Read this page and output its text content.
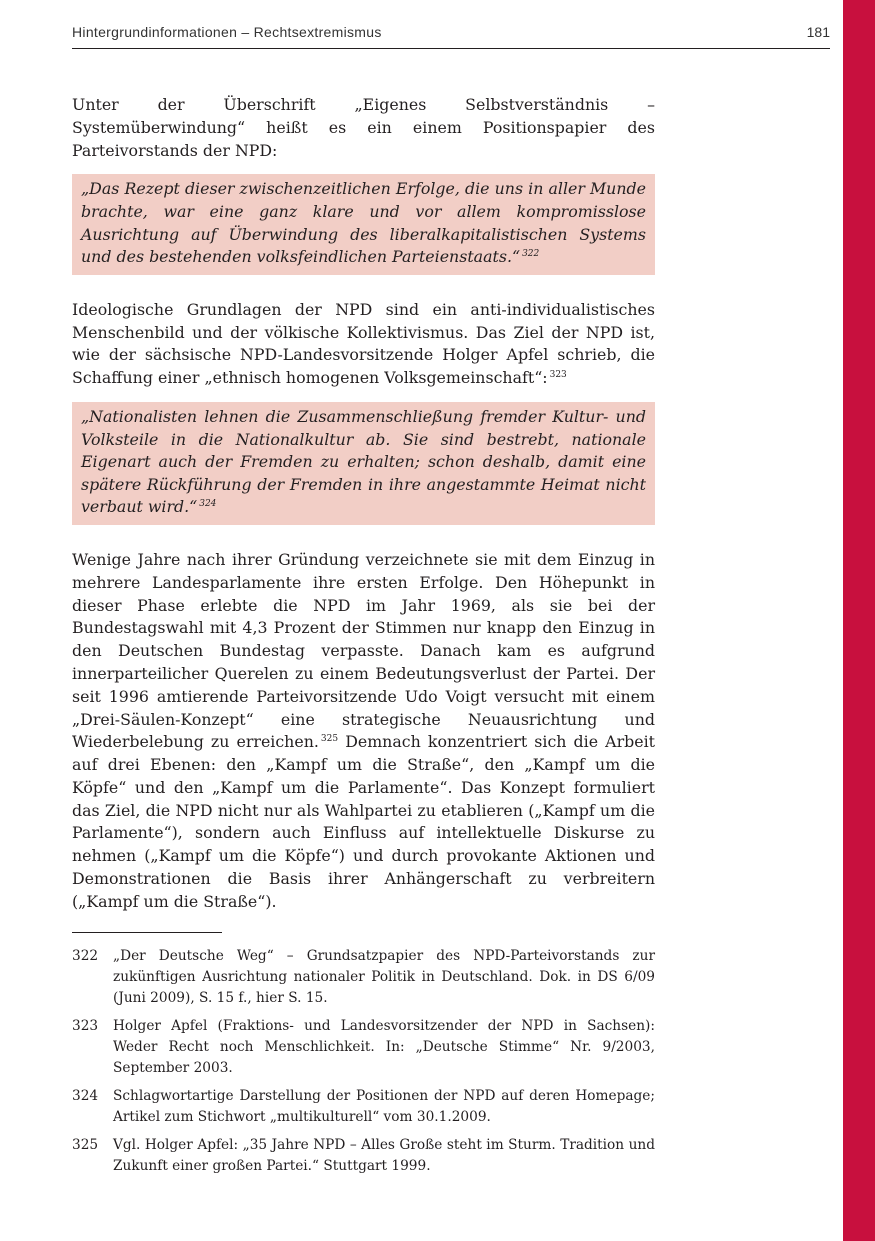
Hintergrundinformationen – Rechtsextremismus	181

Unter der Überschrift „Eigenes Selbstverständnis – Systemüberwindung“ heißt es ein einem Positionspapier des Parteivorstands der NPD:

„Das Rezept dieser zwischenzeitlichen Erfolge, die uns in aller Munde brachte, war eine ganz klare und vor allem kompromisslose Ausrichtung auf Überwindung des liberalkapitalistischen Systems und des bestehenden volksfeindlichen Parteienstaats.“ $^{322}$

Ideologische Grundlagen der NPD sind ein anti-individualistisches Menschenbild und der völkische Kollektivismus. Das Ziel der NPD ist, wie der sächsische NPD-Landesvorsitzende Holger Apfel schrieb, die Schaffung einer „ethnisch homogenen Volksgemeinschaft“: $^{323}$

„Nationalisten lehnen die Zusammenschließung fremder Kultur- und Volksteile in die Nationalkultur ab. Sie sind bestrebt, nationale Eigenart auch der Fremden zu erhalten; schon deshalb, damit eine spätere Rückführung der Fremden in ihre angestammte Heimat nicht verbaut wird.“ $^{324}$

Wenige Jahre nach ihrer Gründung verzeichnete sie mit dem Einzug in mehrere Landesparlamente ihre ersten Erfolge. Den Höhepunkt in dieser Phase erlebte die NPD im Jahr 1969, als sie bei der Bundestagswahl mit 4,3 Prozent der Stimmen nur knapp den Einzug in den Deutschen Bundestag verpasste. Danach kam es aufgrund innerparteilicher Querelen zu einem Bedeutungsverlust der Partei. Der seit 1996 amtierende Parteivorsitzende Udo Voigt versucht mit einem „Drei-Säulen-Konzept“ eine strategische Neuausrichtung und Wiederbelebung zu erreichen. $^{325}$ Demnach konzentriert sich die Arbeit auf drei Ebenen: den „Kampf um die Straße“, den „Kampf um die Köpfe“ und den „Kampf um die Parlamente“. Das Konzept formuliert das Ziel, die NPD nicht nur als Wahlpartei zu etablieren („Kampf um die Parlamente“), sondern auch Einfluss auf intellektuelle Diskurse zu nehmen („Kampf um die Köpfe“) und durch provokante Aktionen und Demonstrationen die Basis ihrer Anhängerschaft zu verbreitern („Kampf um die Straße“).

322	„Der Deutsche Weg“ – Grundsatzpapier des NPD-Parteivorstands zur zukünftigen Ausrichtung nationaler Politik in Deutschland. Dok. in DS 6/09 (Juni 2009), S. 15 f., hier S. 15.
323	Holger Apfel (Fraktions- und Landesvorsitzender der NPD in Sachsen): Weder Recht noch Menschlichkeit. In: „Deutsche Stimme“ Nr. 9/2003, September 2003.
324	Schlagwortartige Darstellung der Positionen der NPD auf deren Homepage; Artikel zum Stichwort „multikulturell“ vom 30.1.2009.
325	Vgl. Holger Apfel: „35 Jahre NPD – Alles Große steht im Sturm. Tradition und Zukunft einer großen Partei.“ Stuttgart 1999.
